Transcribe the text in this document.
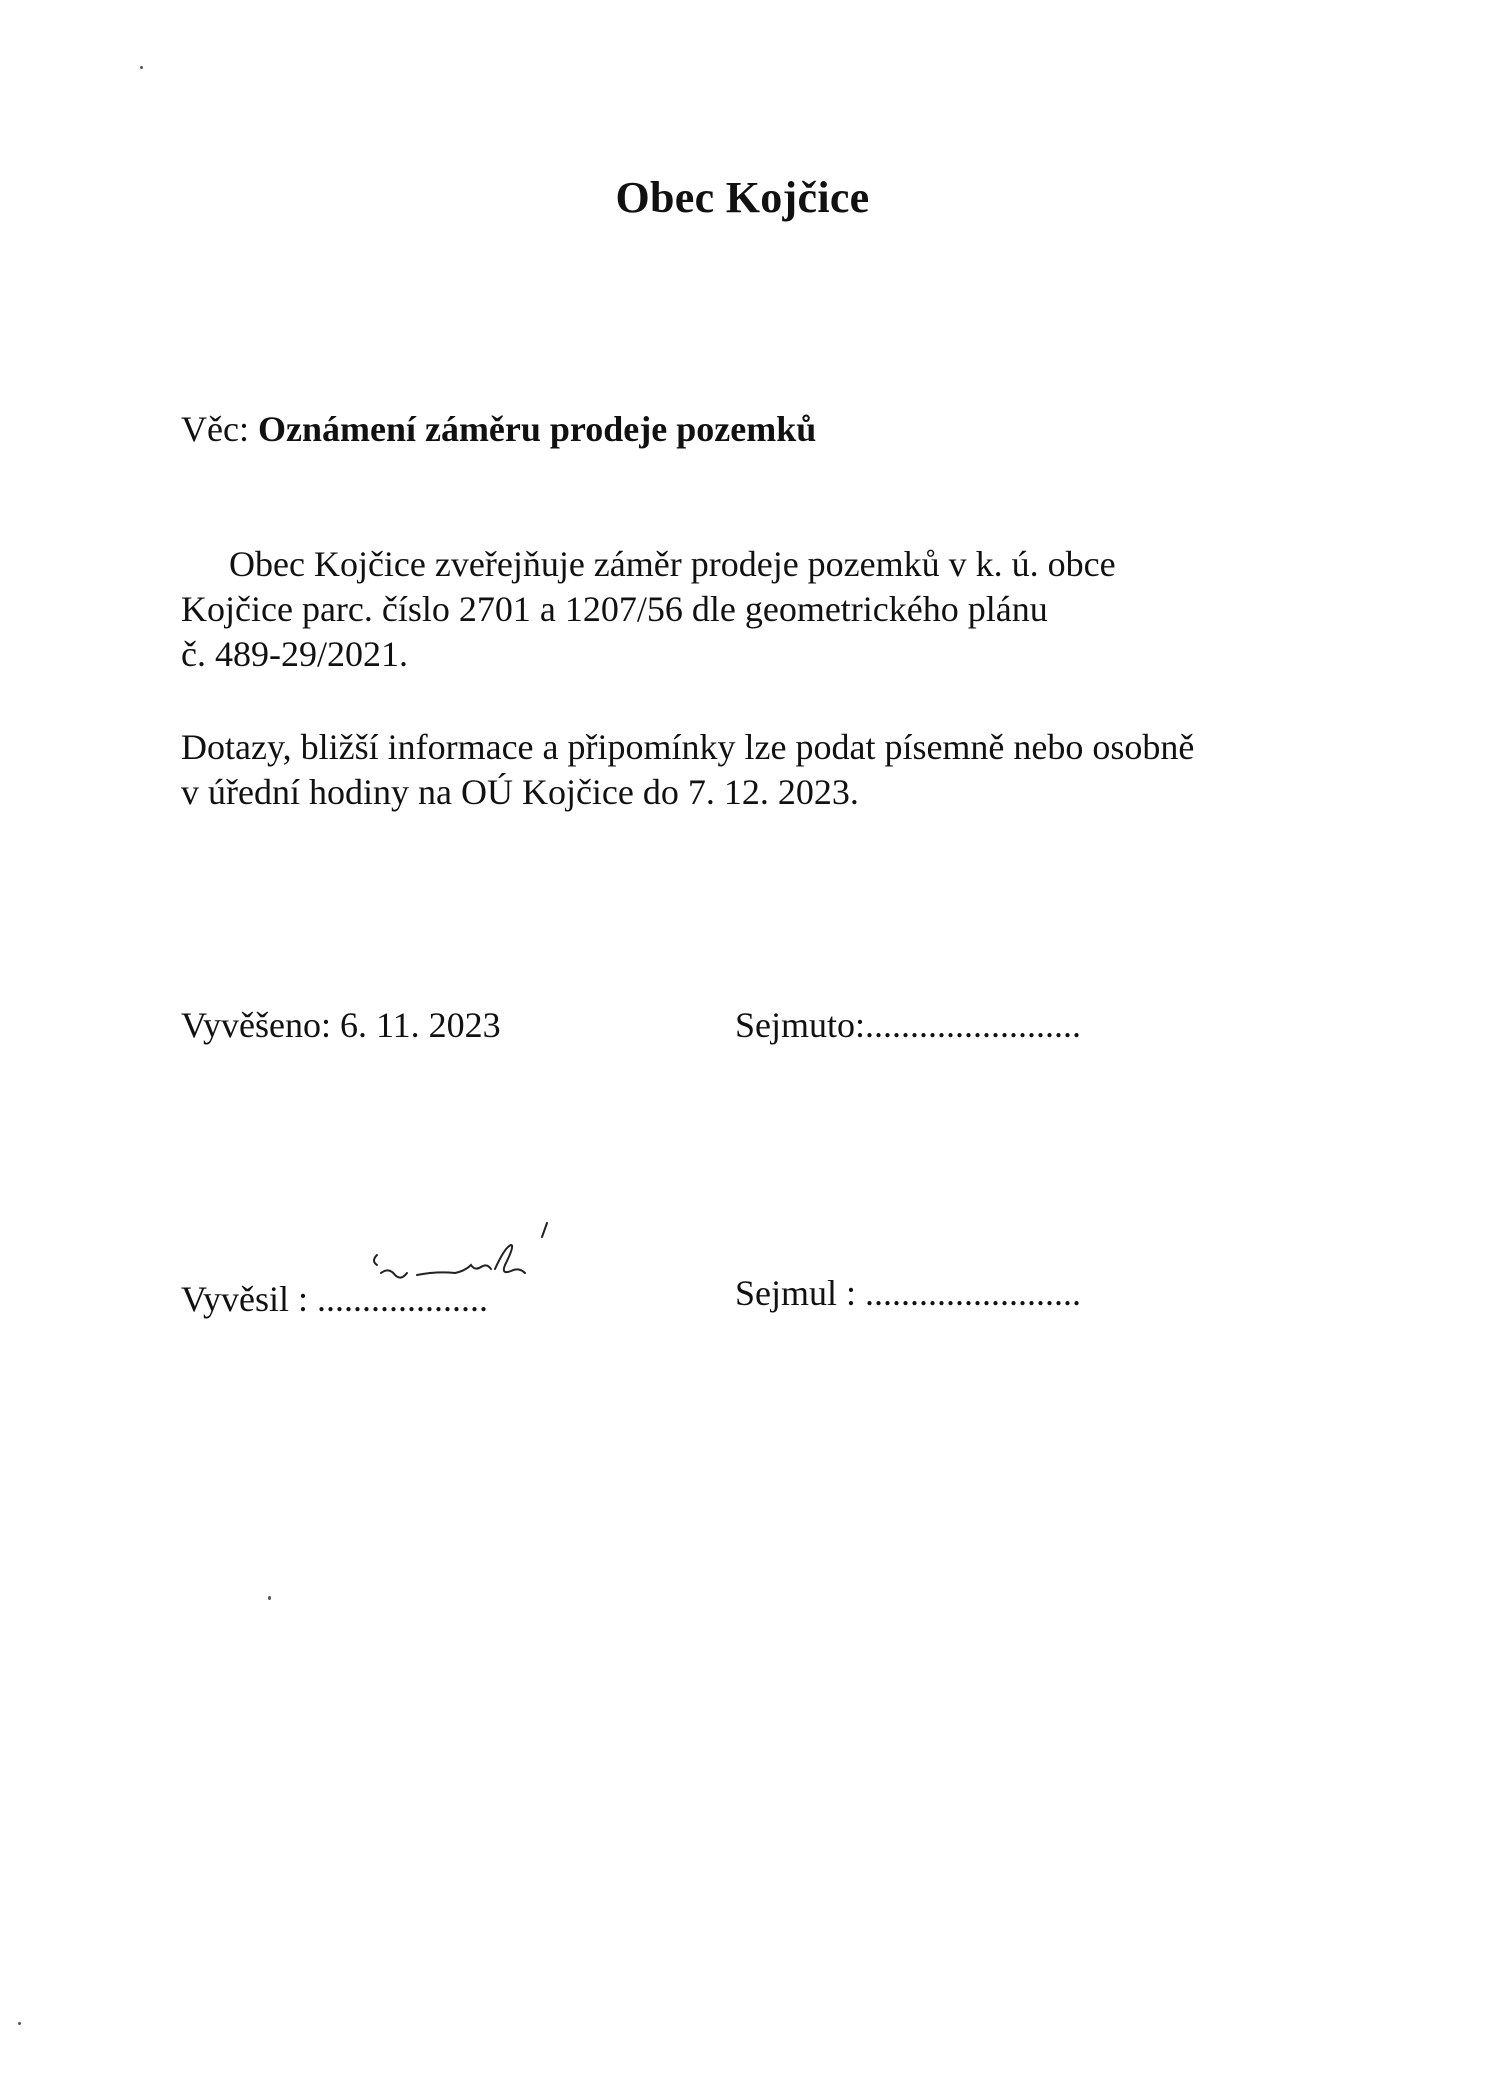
Obec Kojčice
Věc: Oznámení záměru prodeje pozemků
Obec Kojčice zveřejňuje záměr prodeje pozemků v k. ú. obce
Kojčice parc. číslo 2701 a 1207/56 dle geometrického plánu
č. 489-29/2021.
Dotazy, bližší informace a připomínky lze podat písemně nebo osobně
v úřední hodiny na OÚ Kojčice do 7. 12. 2023.
Vyvěšeno: 6. 11. 2023	Sejmuto:........................
Vyvěsil : ...................	Sejmul : ........................
